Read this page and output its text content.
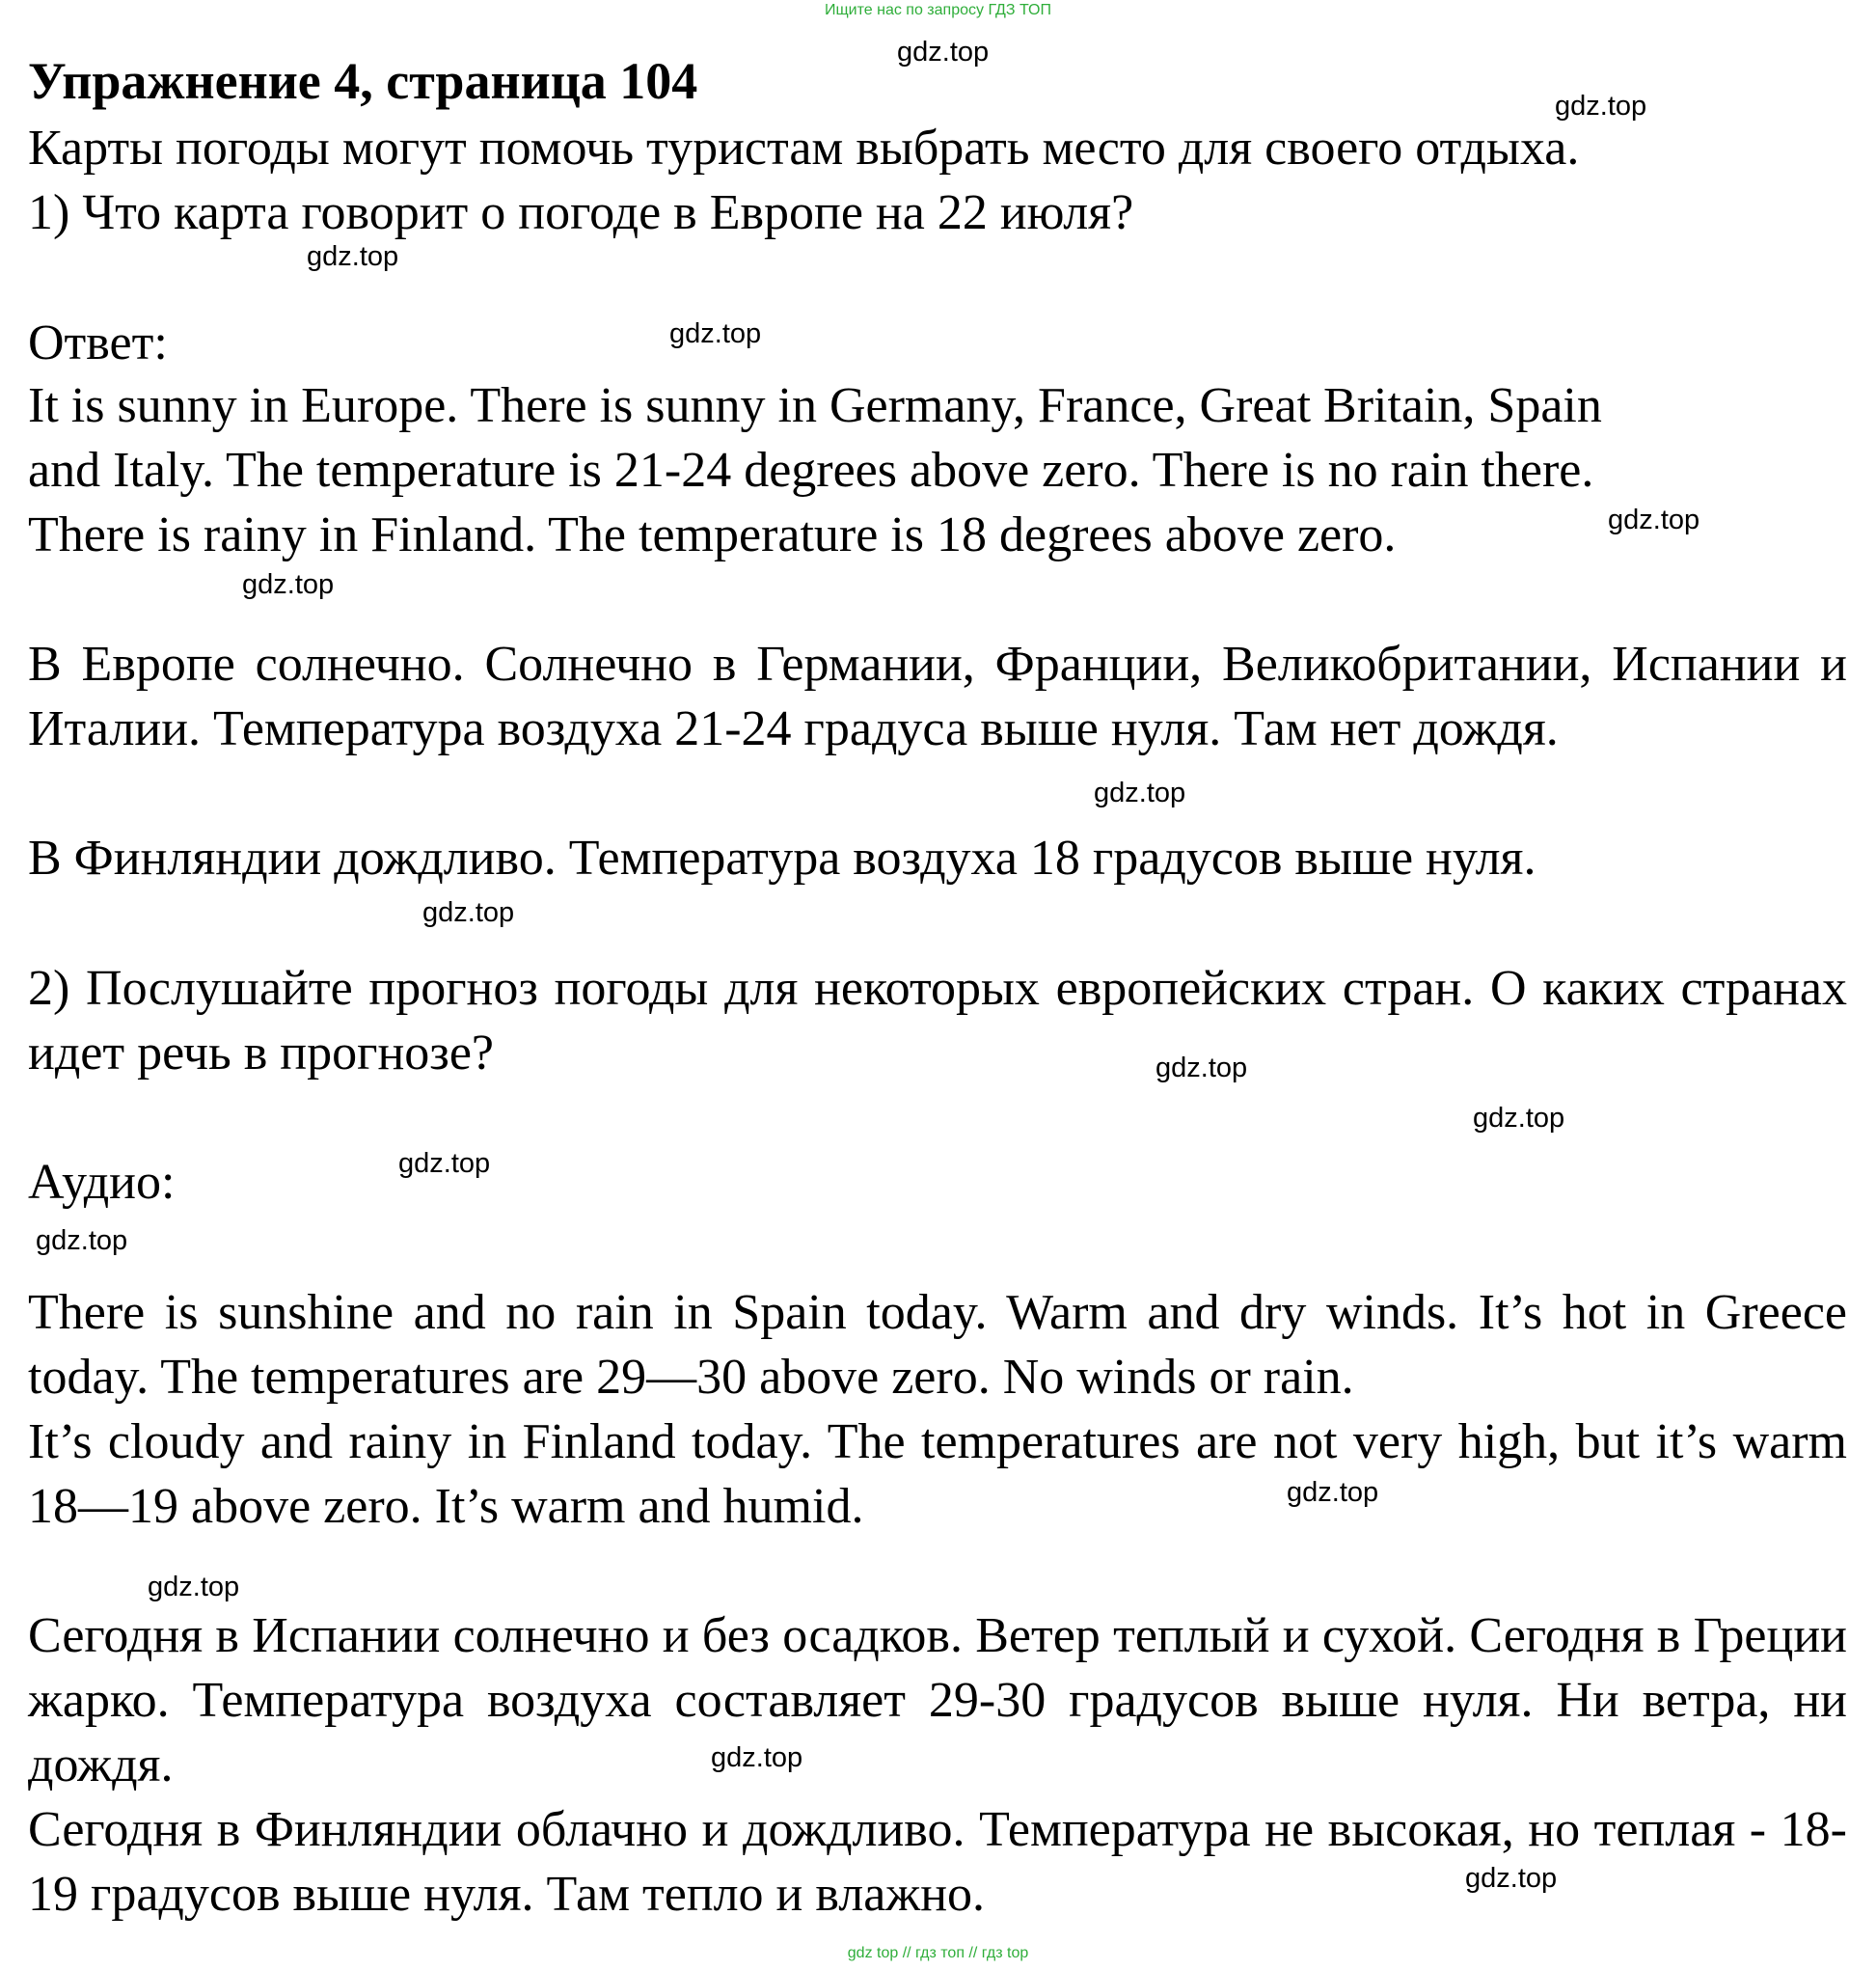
Ищите нас по запросу ГДЗ ТОП
Упражнение 4, страница 104

Карты погоды могут помочь туристам выбрать место для своего отдыха.

1) Что карта говорит о погоде в Европе на 22 июля?

Ответ:

It is sunny in Europe. There is sunny in Germany, France, Great Britain, Spain

and Italy. The temperature is 21-24 degrees above zero. There is no rain there.

There is rainy in Finland. The temperature is 18 degrees above zero.

В Европе солнечно. Солнечно в Германии, Франции, Великобритании, Испании и Италии. Температура воздуха 21-24 градуса выше нуля. Там нет дождя.

В Финляндии дождливо. Температура воздуха 18 градусов выше нуля.

2) Послушайте прогноз погоды для некоторых европейских стран. О каких странах идет речь в прогнозе?

Аудио:

There is sunshine and no rain in Spain today. Warm and dry winds. It’s hot in Greece today. The temperatures are 29—30 above zero. No winds or rain.

It’s cloudy and rainy in Finland today. The temperatures are not very high, but it’s warm 18—19 above zero. It’s warm and humid.

Сегодня в Испании солнечно и без осадков. Ветер теплый и сухой. Сегодня в Греции жарко. Температура воздуха составляет 29-30 градусов выше нуля. Ни ветра, ни дождя.

Сегодня в Финляндии облачно и дождливо. Температура не высокая, но теплая - 18-19 градусов выше нуля. Там тепло и влажно.

gdz.top
gdz.top
gdz.top
gdz.top
gdz.top
gdz.top
gdz.top
gdz.top
gdz.top
gdz.top
gdz.top
gdz.top
gdz.top
gdz.top
gdz.top
gdz.top
gdz top // гдз топ // гдз top
